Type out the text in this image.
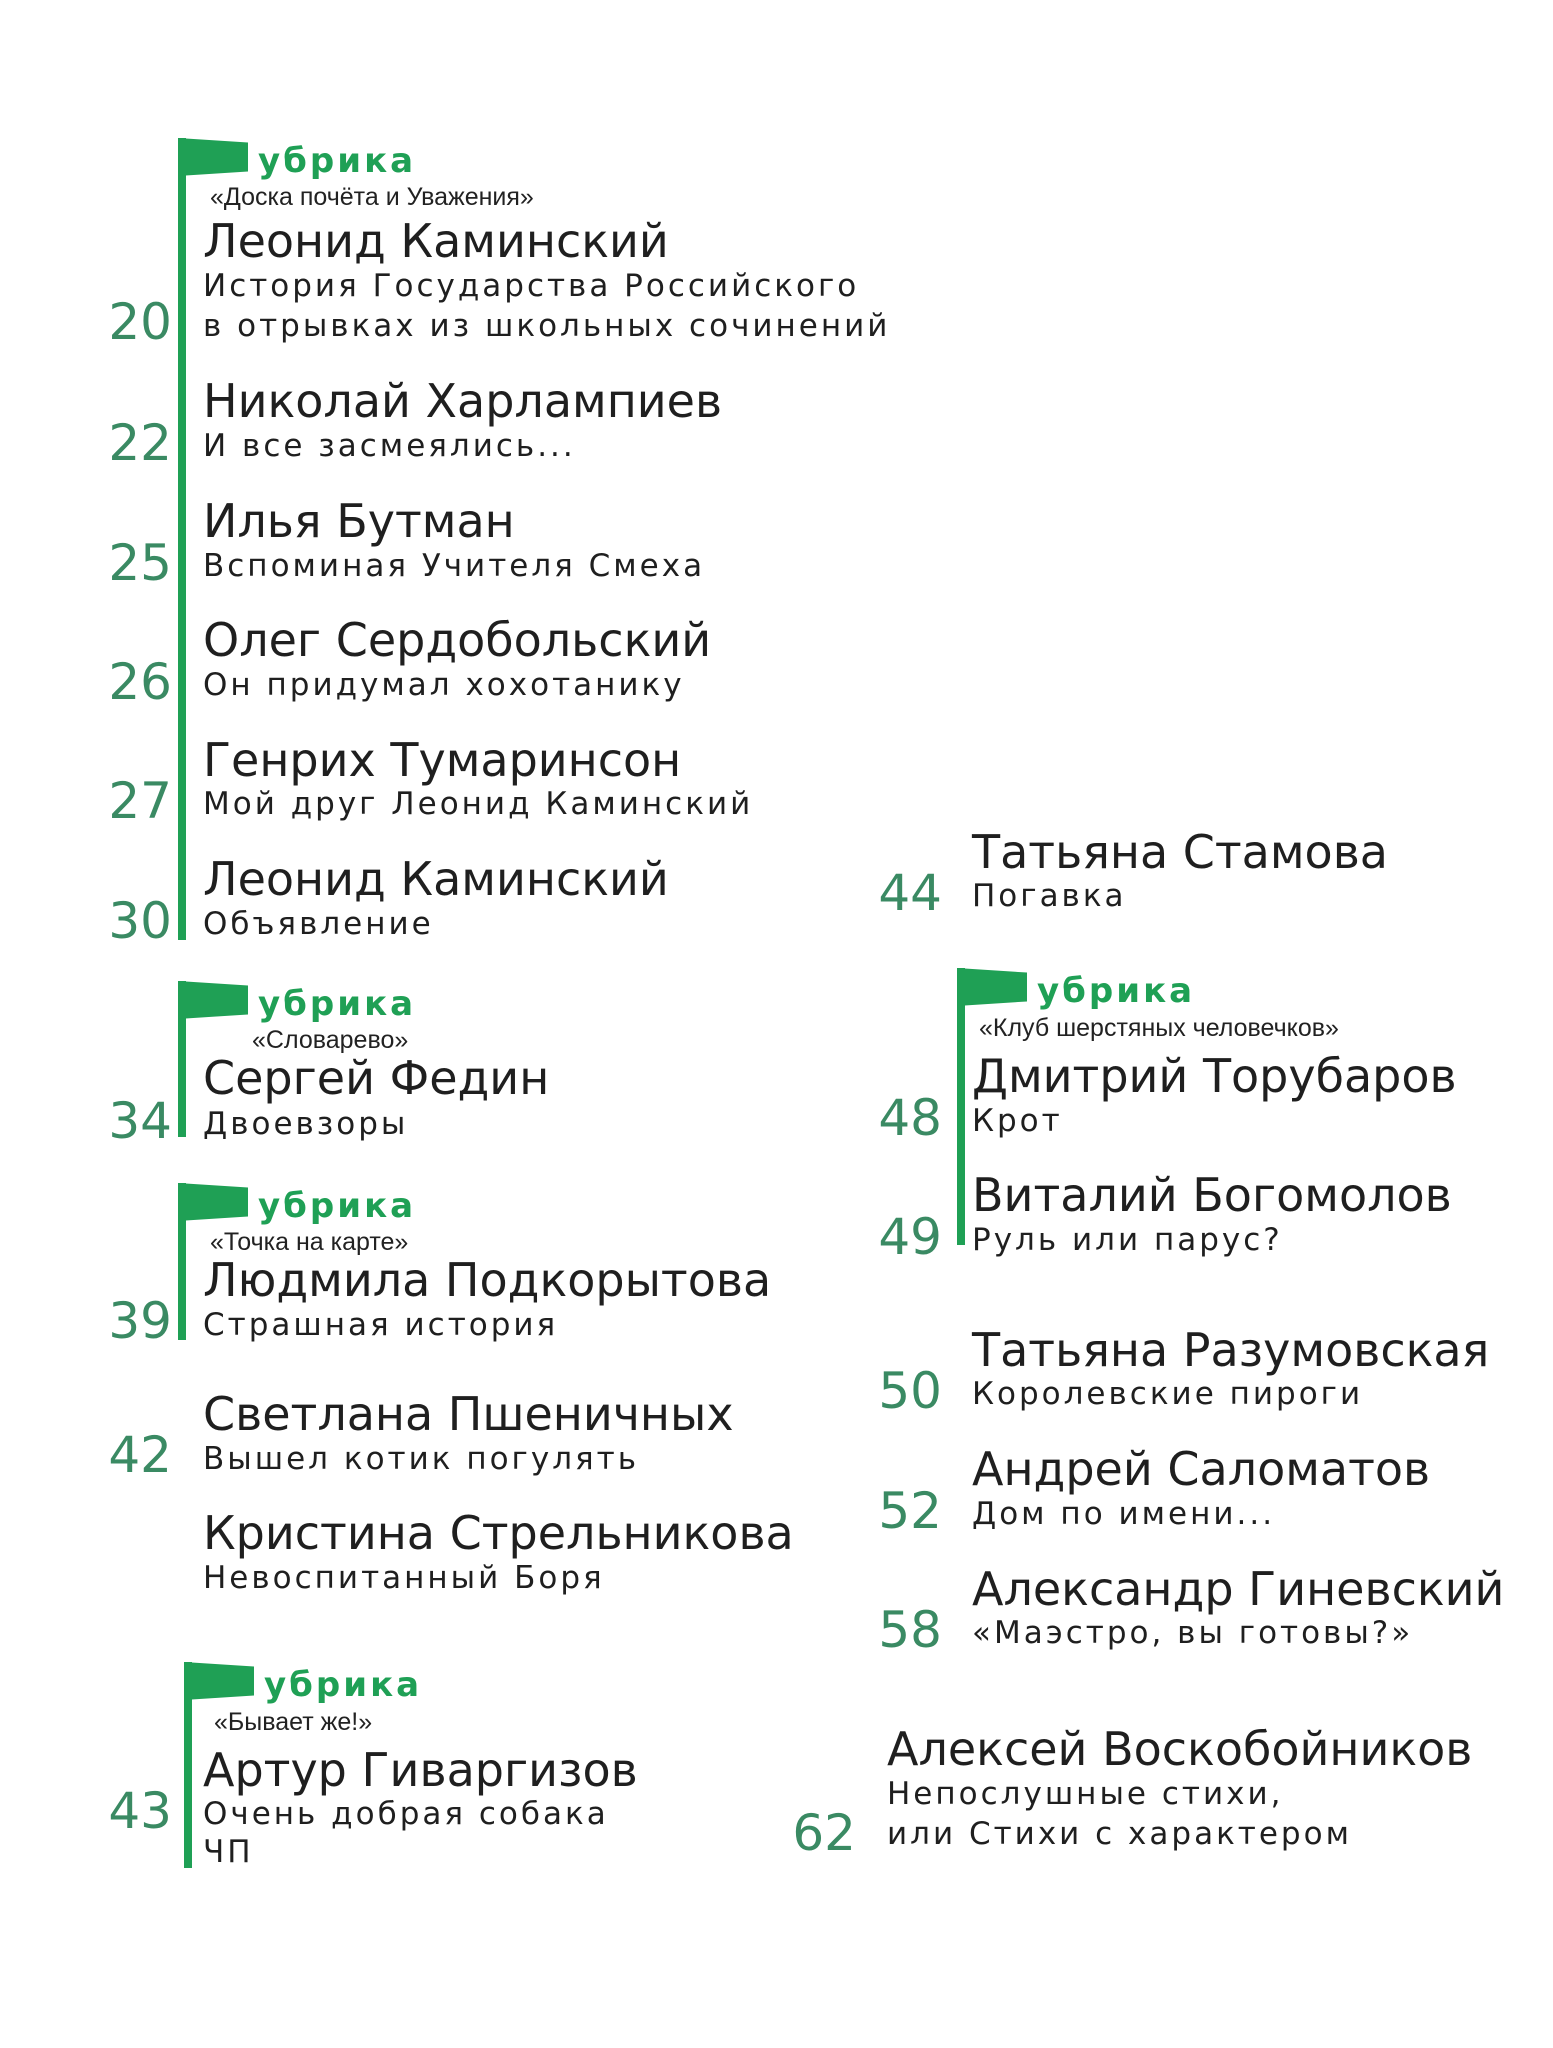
убрика
«Доска почёта и Уважения»
20
Леонид Каминский
История Государства Российского
в отрывках из школьных сочинений
22
Николай Харлампиев
И все засмеялись...
25
Илья Бутман
Вспоминая Учителя Смеха
26
Олег Сердобольский
Он придумал хохотанику
27
Генрих Тумаринсон
Мой друг Леонид Каминский
30
Леонид Каминский
Объявление
убрика
«Словарево»
34
Сергей Федин
Двоевзоры
убрика
«Точка на карте»
39
Людмила Подкорытова
Страшная история
42
Светлана Пшеничных
Вышел котик погулять
Кристина Стрельникова
Невоспитанный Боря
убрика
«Бывает же!»
43
Артур Гиваргизов
Очень добрая собака
ЧП
44
Татьяна Стамова
Погавка
убрика
«Клуб шерстяных человечков»
48
Дмитрий Торубаров
Крот
49
Виталий Богомолов
Руль или парус?
50
Татьяна Разумовская
Королевские пироги
52
Андрей Саломатов
Дом по имени...
58
Александр Гиневский
«Маэстро, вы готовы?»
62
Алексей Воскобойников
Непослушные стихи,
или Стихи с характером
